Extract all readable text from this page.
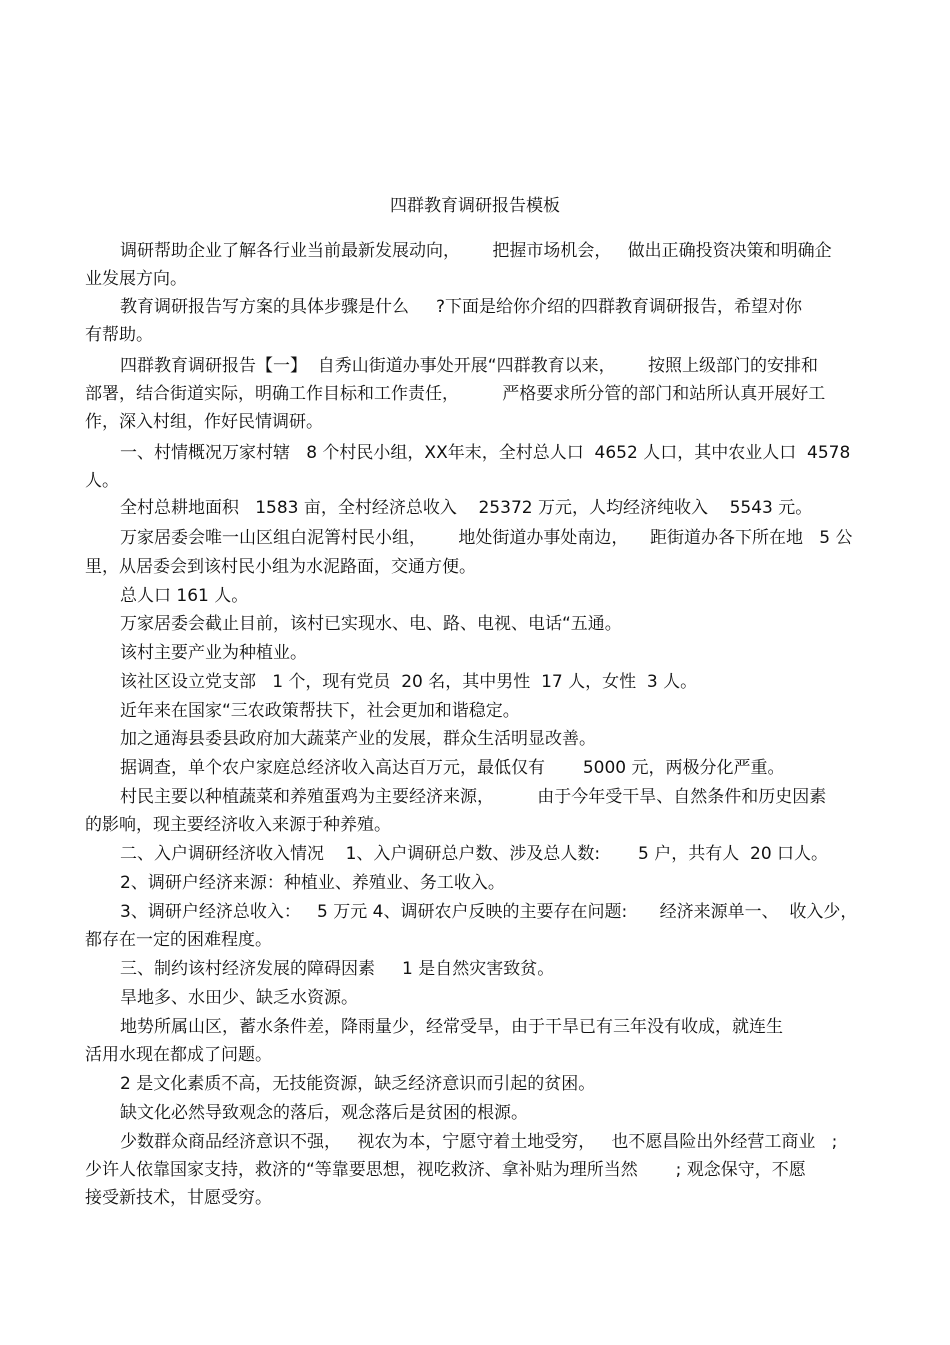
四群教育调研报告模板
调研帮助企业了解各行业当前最新发展动向，      把握市场机会，   做出正确投资决策和明确企
业发展方向。
教育调研报告写方案的具体步骤是什么     ?下面是给你介绍的四群教育调研报告，希望对你
有帮助。
四群教育调研报告【一】  自秀山街道办事处开展“四群教育以来，      按照上级部门的安排和
部署，结合街道实际，明确工作目标和工作责任，        严格要求所分管的部门和站所认真开展好工
作，深入村组，作好民情调研。
一、村情概况万家村辖   8 个村民小组，XX年末，全村总人口  4652 人口，其中农业人口  4578
人。
全村总耕地面积   1583 亩，全村经济总收入    25372 万元，人均经济纯收入    5543 元。
万家居委会唯一山区组白泥箐村民小组，      地处街道办事处南边，    距街道办各下所在地   5 公
里，从居委会到该村民小组为水泥路面，交通方便。
总人口 161 人。
万家居委会截止目前，该村已实现水、电、路、电视、电话“五通。
该村主要产业为种植业。
该社区设立党支部   1 个，现有党员  20 名，其中男性  17 人，女性  3 人。
近年来在国家“三农政策帮扶下，社会更加和谐稳定。
加之通海县委县政府加大蔬菜产业的发展，群众生活明显改善。
据调查，单个农户家庭总经济收入高达百万元，最低仅有       5000 元，两极分化严重。
村民主要以种植蔬菜和养殖蛋鸡为主要经济来源，        由于今年受干旱、自然条件和历史因素
的影响，现主要经济收入来源于种养殖。
二、入户调研经济收入情况    1、入户调研总户数、涉及总人数:       5 户，共有人  20 口人。
2、调研户经济来源：种植业、养殖业、务工收入。
3、调研户经济总收入：   5 万元 4、调研农户反映的主要存在问题:      经济来源单一、  收入少，
都存在一定的困难程度。
三、制约该村经济发展的障碍因素     1 是自然灾害致贫。
旱地多、水田少、缺乏水资源。
地势所属山区，蓄水条件差，降雨量少，经常受旱，由于干旱已有三年没有收成，就连生
活用水现在都成了问题。
2 是文化素质不高，无技能资源，缺乏经济意识而引起的贫困。
缺文化必然导致观念的落后，观念落后是贫困的根源。
少数群众商品经济意识不强，   视农为本，宁愿守着土地受穷，   也不愿昌险出外经营工商业   ;
少许人依靠国家支持，救济的“等靠要思想，视吃救济、拿补贴为理所当然       ; 观念保守，不愿
接受新技术，甘愿受穷。
